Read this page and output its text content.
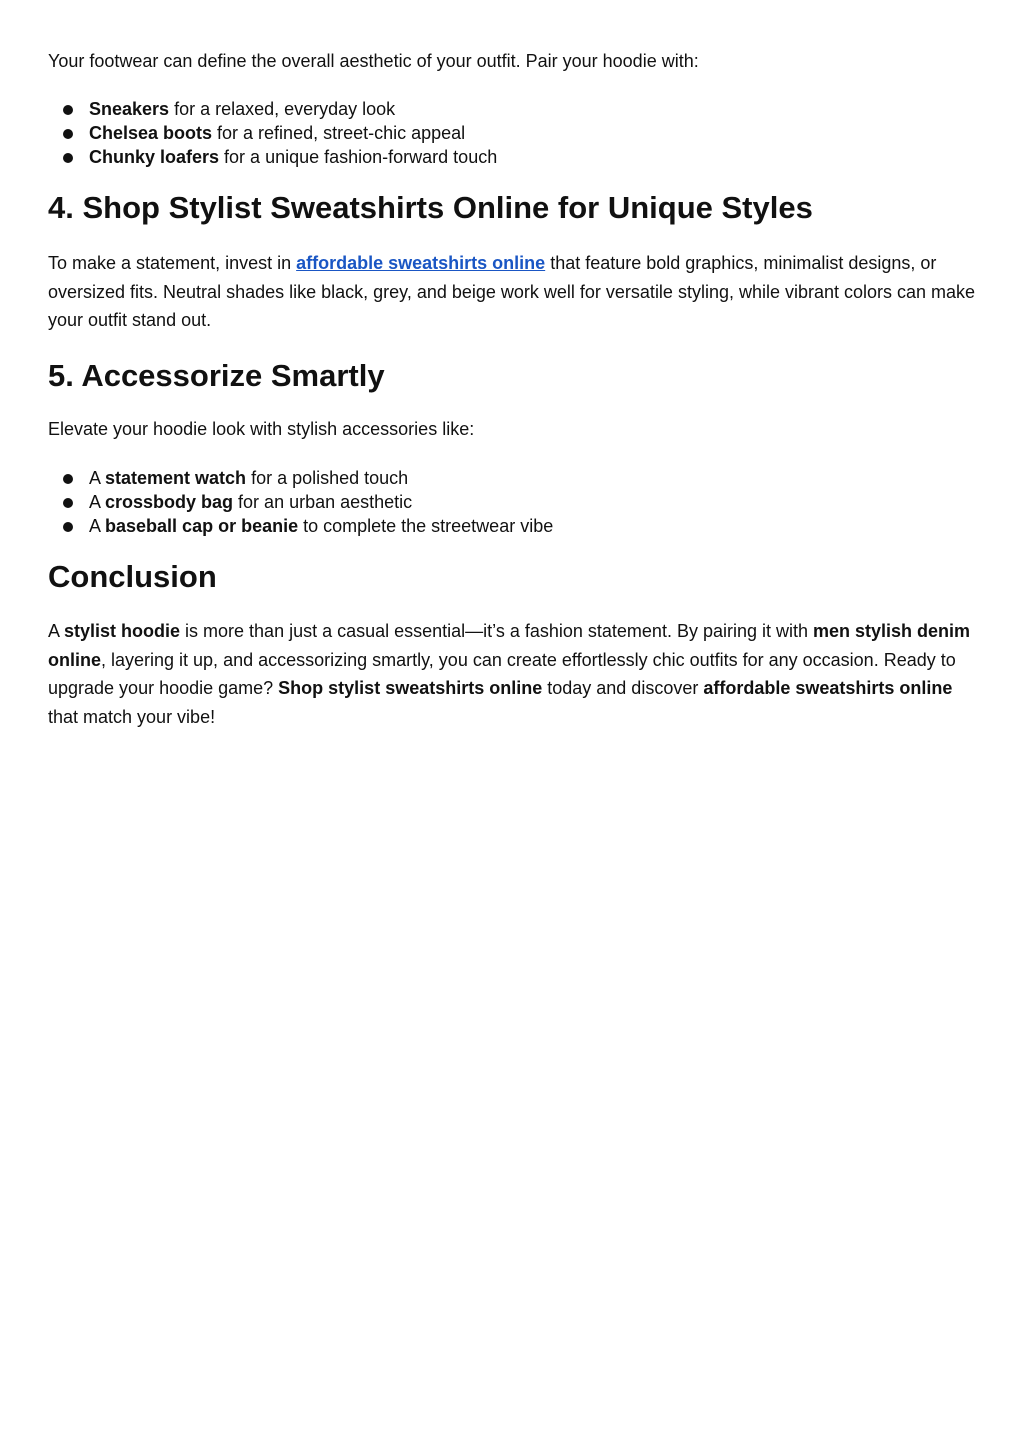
Your footwear can define the overall aesthetic of your outfit. Pair your hoodie with:

Sneakers for a relaxed, everyday look
Chelsea boots for a refined, street-chic appeal
Chunky loafers for a unique fashion-forward touch
4. Shop Stylist Sweatshirts Online for Unique Styles

To make a statement, invest in affordable sweatshirts online that feature bold graphics, minimalist designs, or oversized fits. Neutral shades like black, grey, and beige work well for versatile styling, while vibrant colors can make your outfit stand out.

5. Accessorize Smartly

Elevate your hoodie look with stylish accessories like:

A statement watch for a polished touch
A crossbody bag for an urban aesthetic
A baseball cap or beanie to complete the streetwear vibe
Conclusion

A stylist hoodie is more than just a casual essential—it’s a fashion statement. By pairing it with men stylish denim online, layering it up, and accessorizing smartly, you can create effortlessly chic outfits for any occasion. Ready to upgrade your hoodie game? Shop stylist sweatshirts online today and discover affordable sweatshirts online that match your vibe!
